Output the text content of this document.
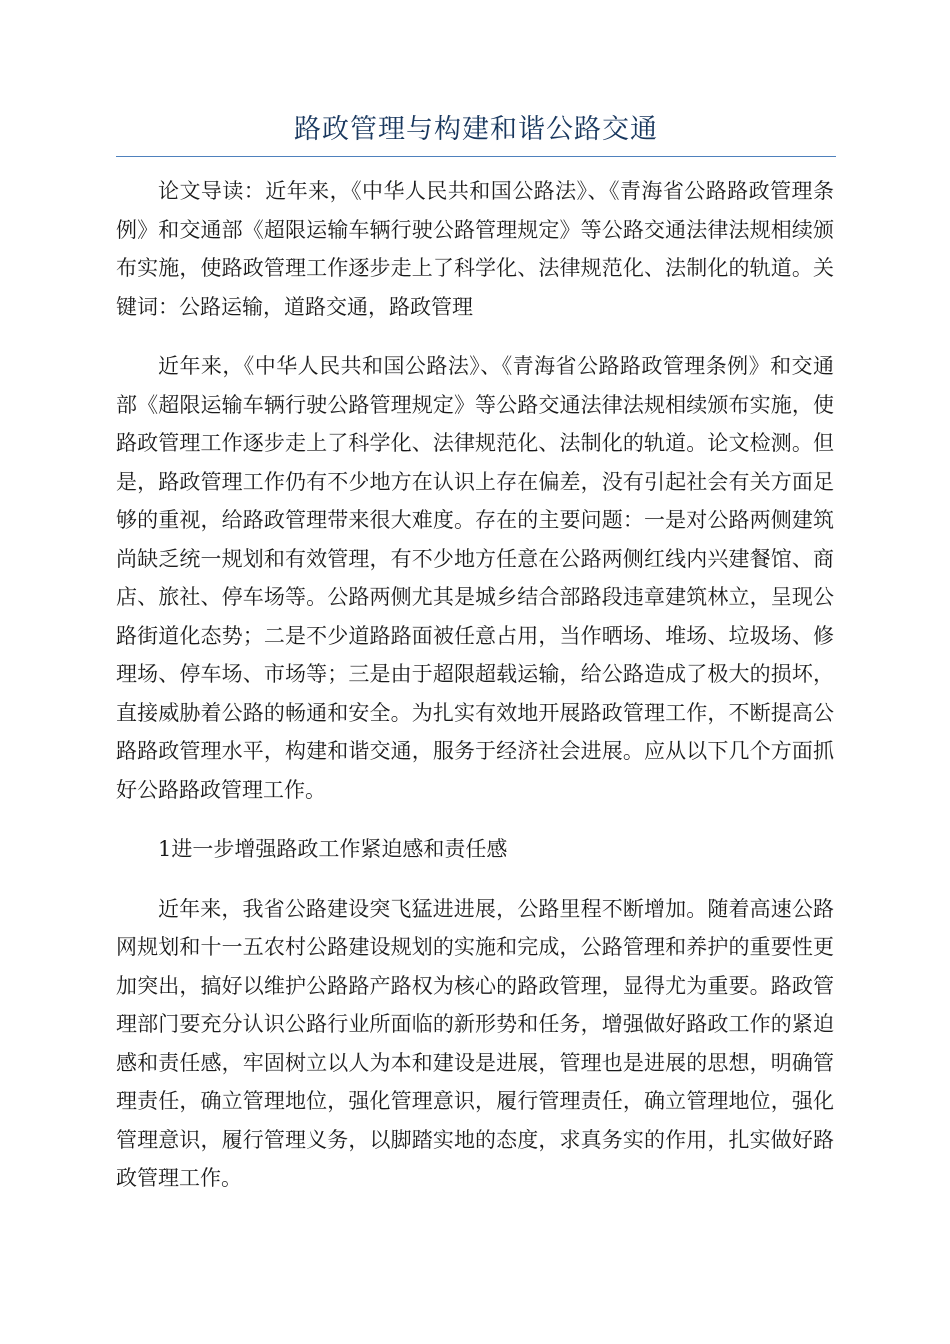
路政管理与构建和谐公路交通

论文导读：近年来，《中华人民共和国公路法》、《青海省公路路政管理条例》和交通部《超限运输车辆行驶公路管理规定》等公路交通法律法规相续颁布实施，使路政管理工作逐步走上了科学化、法律规范化、法制化的轨道。关键词：公路运输，道路交通，路政管理

近年来，《中华人民共和国公路法》、《青海省公路路政管理条例》和交通部《超限运输车辆行驶公路管理规定》等公路交通法律法规相续颁布实施，使路政管理工作逐步走上了科学化、法律规范化、法制化的轨道。论文检测。但是，路政管理工作仍有不少地方在认识上存在偏差，没有引起社会有关方面足够的重视，给路政管理带来很大难度。存在的主要问题：一是对公路两侧建筑尚缺乏统一规划和有效管理，有不少地方任意在公路两侧红线内兴建餐馆、商店、旅社、停车场等。公路两侧尤其是城乡结合部路段违章建筑林立，呈现公路街道化态势；二是不少道路路面被任意占用，当作晒场、堆场、垃圾场、修理场、停车场、市场等；三是由于超限超载运输，给公路造成了极大的损坏，直接威胁着公路的畅通和安全。为扎实有效地开展路政管理工作，不断提高公路路政管理水平，构建和谐交通，服务于经济社会进展。应从以下几个方面抓好公路路政管理工作。

1进一步增强路政工作紧迫感和责任感

近年来，我省公路建设突飞猛进进展，公路里程不断增加。随着高速公路网规划和十一五农村公路建设规划的实施和完成，公路管理和养护的重要性更加突出，搞好以维护公路路产路权为核心的路政管理，显得尤为重要。路政管理部门要充分认识公路行业所面临的新形势和任务，增强做好路政工作的紧迫感和责任感，牢固树立以人为本和建设是进展，管理也是进展的思想，明确管理责任，确立管理地位，强化管理意识，履行管理责任，确立管理地位，强化管理意识，履行管理义务，以脚踏实地的态度，求真务实的作用，扎实做好路政管理工作。
